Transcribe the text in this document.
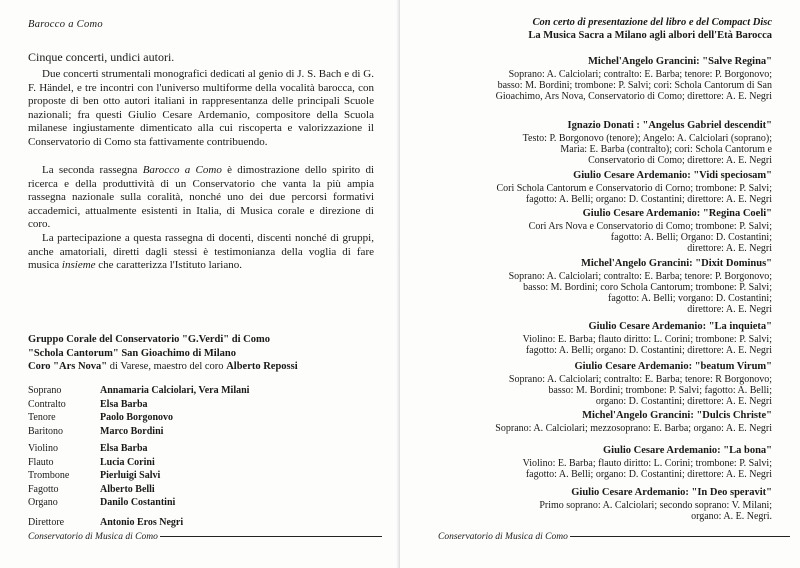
Barocco a Como
Cinque concerti, undici autori.

Due concerti strumentali monografici dedicati al genio di J. S. Bach e di G. F. Händel, e tre incontri con l'universo multiforme della vocalità barocca, con proposte di ben otto autori italiani in rappresentanza delle principali Scuole nazionali; fra questi Giulio Cesare Ardemanio, compositore della Scuola milanese ingiustamente dimenticato alla cui riscoperta e valorizzazione il Conservatorio di Como sta fattivamente contribuendo.

La seconda rassegna Barocco a Como è dimostrazione dello spirito di ricerca e della produttività di un Conservatorio che vanta la più ampia rassegna nazionale sulla coralità, nonché uno dei due percorsi formativi accademici, attualmente esistenti in Italia, di Musica corale e direzione di coro.

La partecipazione a questa rassegna di docenti, discenti nonché di gruppi, anche amatoriali, diretti dagli stessi è testimonianza della voglia di fare musica insieme che caratterizza l'Istituto lariano.

Gruppo Corale del Conservatorio "G.Verdi" di Como
"Schola Cantorum" San Gioachimo di Milano
Coro "Ars Nova" di Varese, maestro del coro Alberto Repossi
Soprano	Annamaria Calciolari, Vera Milani
Contralto	Elsa Barba
Tenore	Paolo Borgonovo
Baritono	Marco Bordini
Violino	Elsa Barba
Flauto	Lucia Corini
Trombone	Pierluigi Salvi
Fagotto	Alberto Belli
Organo	Danilo Costantini
Direttore	Antonio Eros Negri
Conservatorio di Musica di Como
Con certo di presentazione del libro e del Compact Disc
La Musica Sacra a Milano agli albori dell'Età Barocca
Michel'Angelo Grancini: "Salve Regina"
Soprano: A. Calciolari; contralto: E. Barba; tenore: P. Borgonovo;
basso: M. Bordini; trombone: P. Salvi; cori: Schola Cantorum di San
Gioachimo, Ars Nova, Conservatorio di Como; direttore: A. E. Negri
Ignazio Donati : "Angelus Gabriel descendit"
Testo: P. Borgonovo (tenore); Angelo: A. Calciolari (soprano);
Maria: E. Barba (contralto); cori: Schola Cantorum e
Conservatorio di Como; direttore: A. E. Negri
Giulio Cesare Ardemanio: "Vidi speciosam"
Cori Schola Cantorum e Conservatorio di Corno; trombone: P. Salvi;
fagotto: A. Belli; organo: D. Costantini; direttore: A. E. Negri
Giulio Cesare Ardemanio: "Regina Coeli"
Cori Ars Nova e Conservatorio di Como; trombone: P. Salvi;
fagotto: A. Belli; Organo: D. Costantini;
direttore: A. E. Negri
Michel'Angelo Grancini: "Dixit Dominus"
Soprano: A. Calciolari; contralto: E. Barba; tenore: P. Borgonovo;
basso: M. Bordini; coro Schola Cantorum; trombone: P. Salvi;
fagotto: A. Belli; vorgano: D. Costantini;
direttore: A. E. Negri
Giulio Cesare Ardemanio: "La inquieta"
Violino: E. Barba; flauto diritto: L. Corini; trombone: P. Salvi;
fagotto: A. Belli; organo: D. Costantini; direttore: A. E. Negri
Giulio Cesare Ardemanio: "beatum Virum"
Soprano: A. Calciolari; contralto: E. Barba; tenore: R Borgonovo;
basso: M. Bordini; trombone: P. Salvi; fagotto: A. Belli;
organo: D. Costantini; direttore: A. E. Negri
Michel'Angelo Grancini: "Dulcis Christe"
Soprano: A. Calciolari; mezzosoprano: E. Barba; organo: A. E. Negri
Giulio Cesare Ardemanio: "La bona"
Violino: E. Barba; flauto diritto: L. Corini; trombone: P. Salvi;
fagotto: A. Belli; organo: D. Costantini; direttore: A. E. Negri
Giulio Cesare Ardemanio: "In Deo speravit"
Primo soprano: A. Calciolari; secondo soprano: V. Milani;
organo: A. E. Negri.
Conservatorio di Musica di Como
